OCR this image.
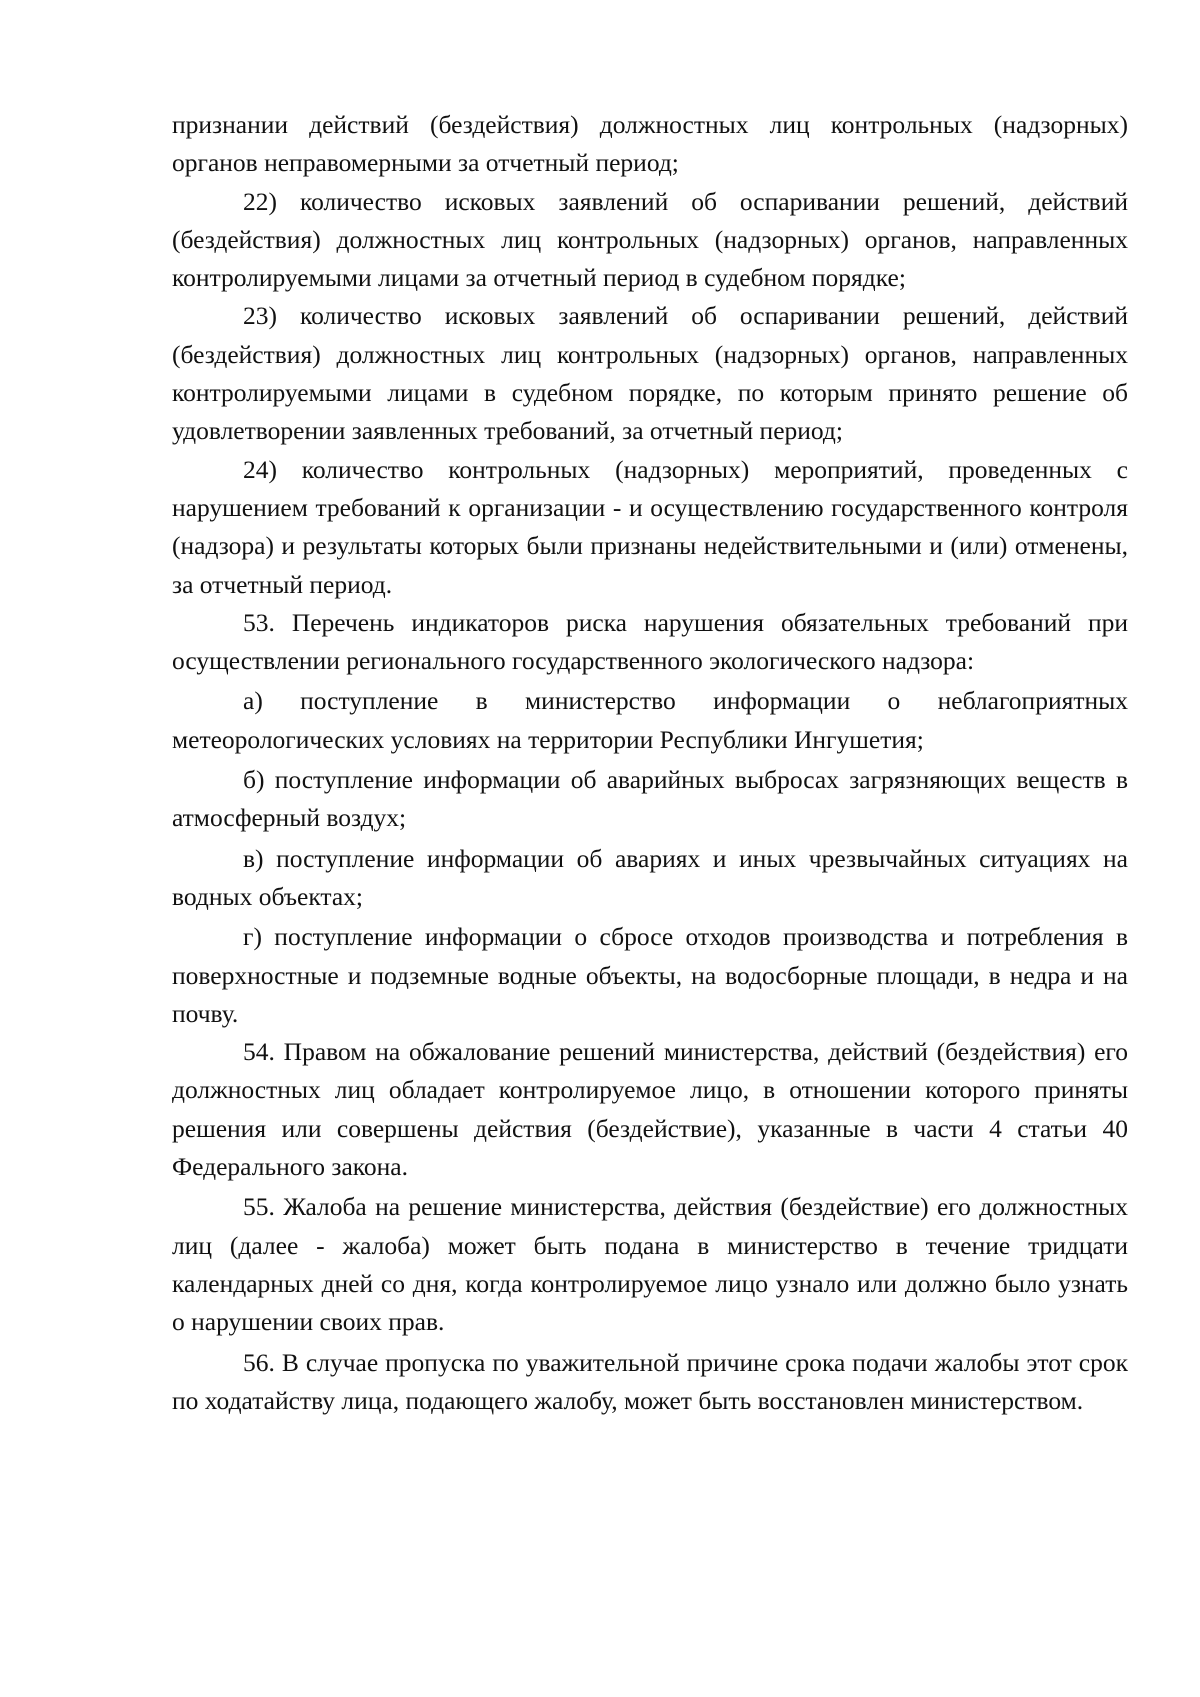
признании действий (бездействия) должностных лиц контрольных (надзорных) органов неправомерными за отчетный период;

22) количество исковых заявлений об оспаривании решений, действий (бездействия) должностных лиц контрольных (надзорных) органов, направленных контролируемыми лицами за отчетный период в судебном порядке;

23) количество исковых заявлений об оспаривании решений, действий (бездействия) должностных лиц контрольных (надзорных) органов, направленных контролируемыми лицами в судебном порядке, по которым принято решение об удовлетворении заявленных требований, за отчетный период;

24) количество контрольных (надзорных) мероприятий, проведенных с нарушением требований к организации - и осуществлению государственного контроля (надзора) и результаты которых были признаны недействительными и (или) отменены, за отчетный период.

53. Перечень индикаторов риска нарушения обязательных требований при осуществлении регионального государственного экологического надзора:

а) поступление в министерство информации о неблагоприятных метеорологических условиях на территории Республики Ингушетия;

б) поступление информации об аварийных выбросах загрязняющих веществ в атмосферный воздух;

в) поступление информации об авариях и иных чрезвычайных ситуациях на водных объектах;

г) поступление информации о сбросе отходов производства и потребления в поверхностные и подземные водные объекты, на водосборные площади, в недра и на почву.

54. Правом на обжалование решений министерства, действий (бездействия) его должностных лиц обладает контролируемое лицо, в отношении которого приняты решения или совершены действия (бездействие), указанные в части 4 статьи 40 Федерального закона.

55. Жалоба на решение министерства, действия (бездействие) его должностных лиц (далее - жалоба) может быть подана в министерство в течение тридцати календарных дней со дня, когда контролируемое лицо узнало или должно было узнать о нарушении своих прав.

56. В случае пропуска по уважительной причине срока подачи жалобы этот срок по ходатайству лица, подающего жалобу, может быть восстановлен министерством.
